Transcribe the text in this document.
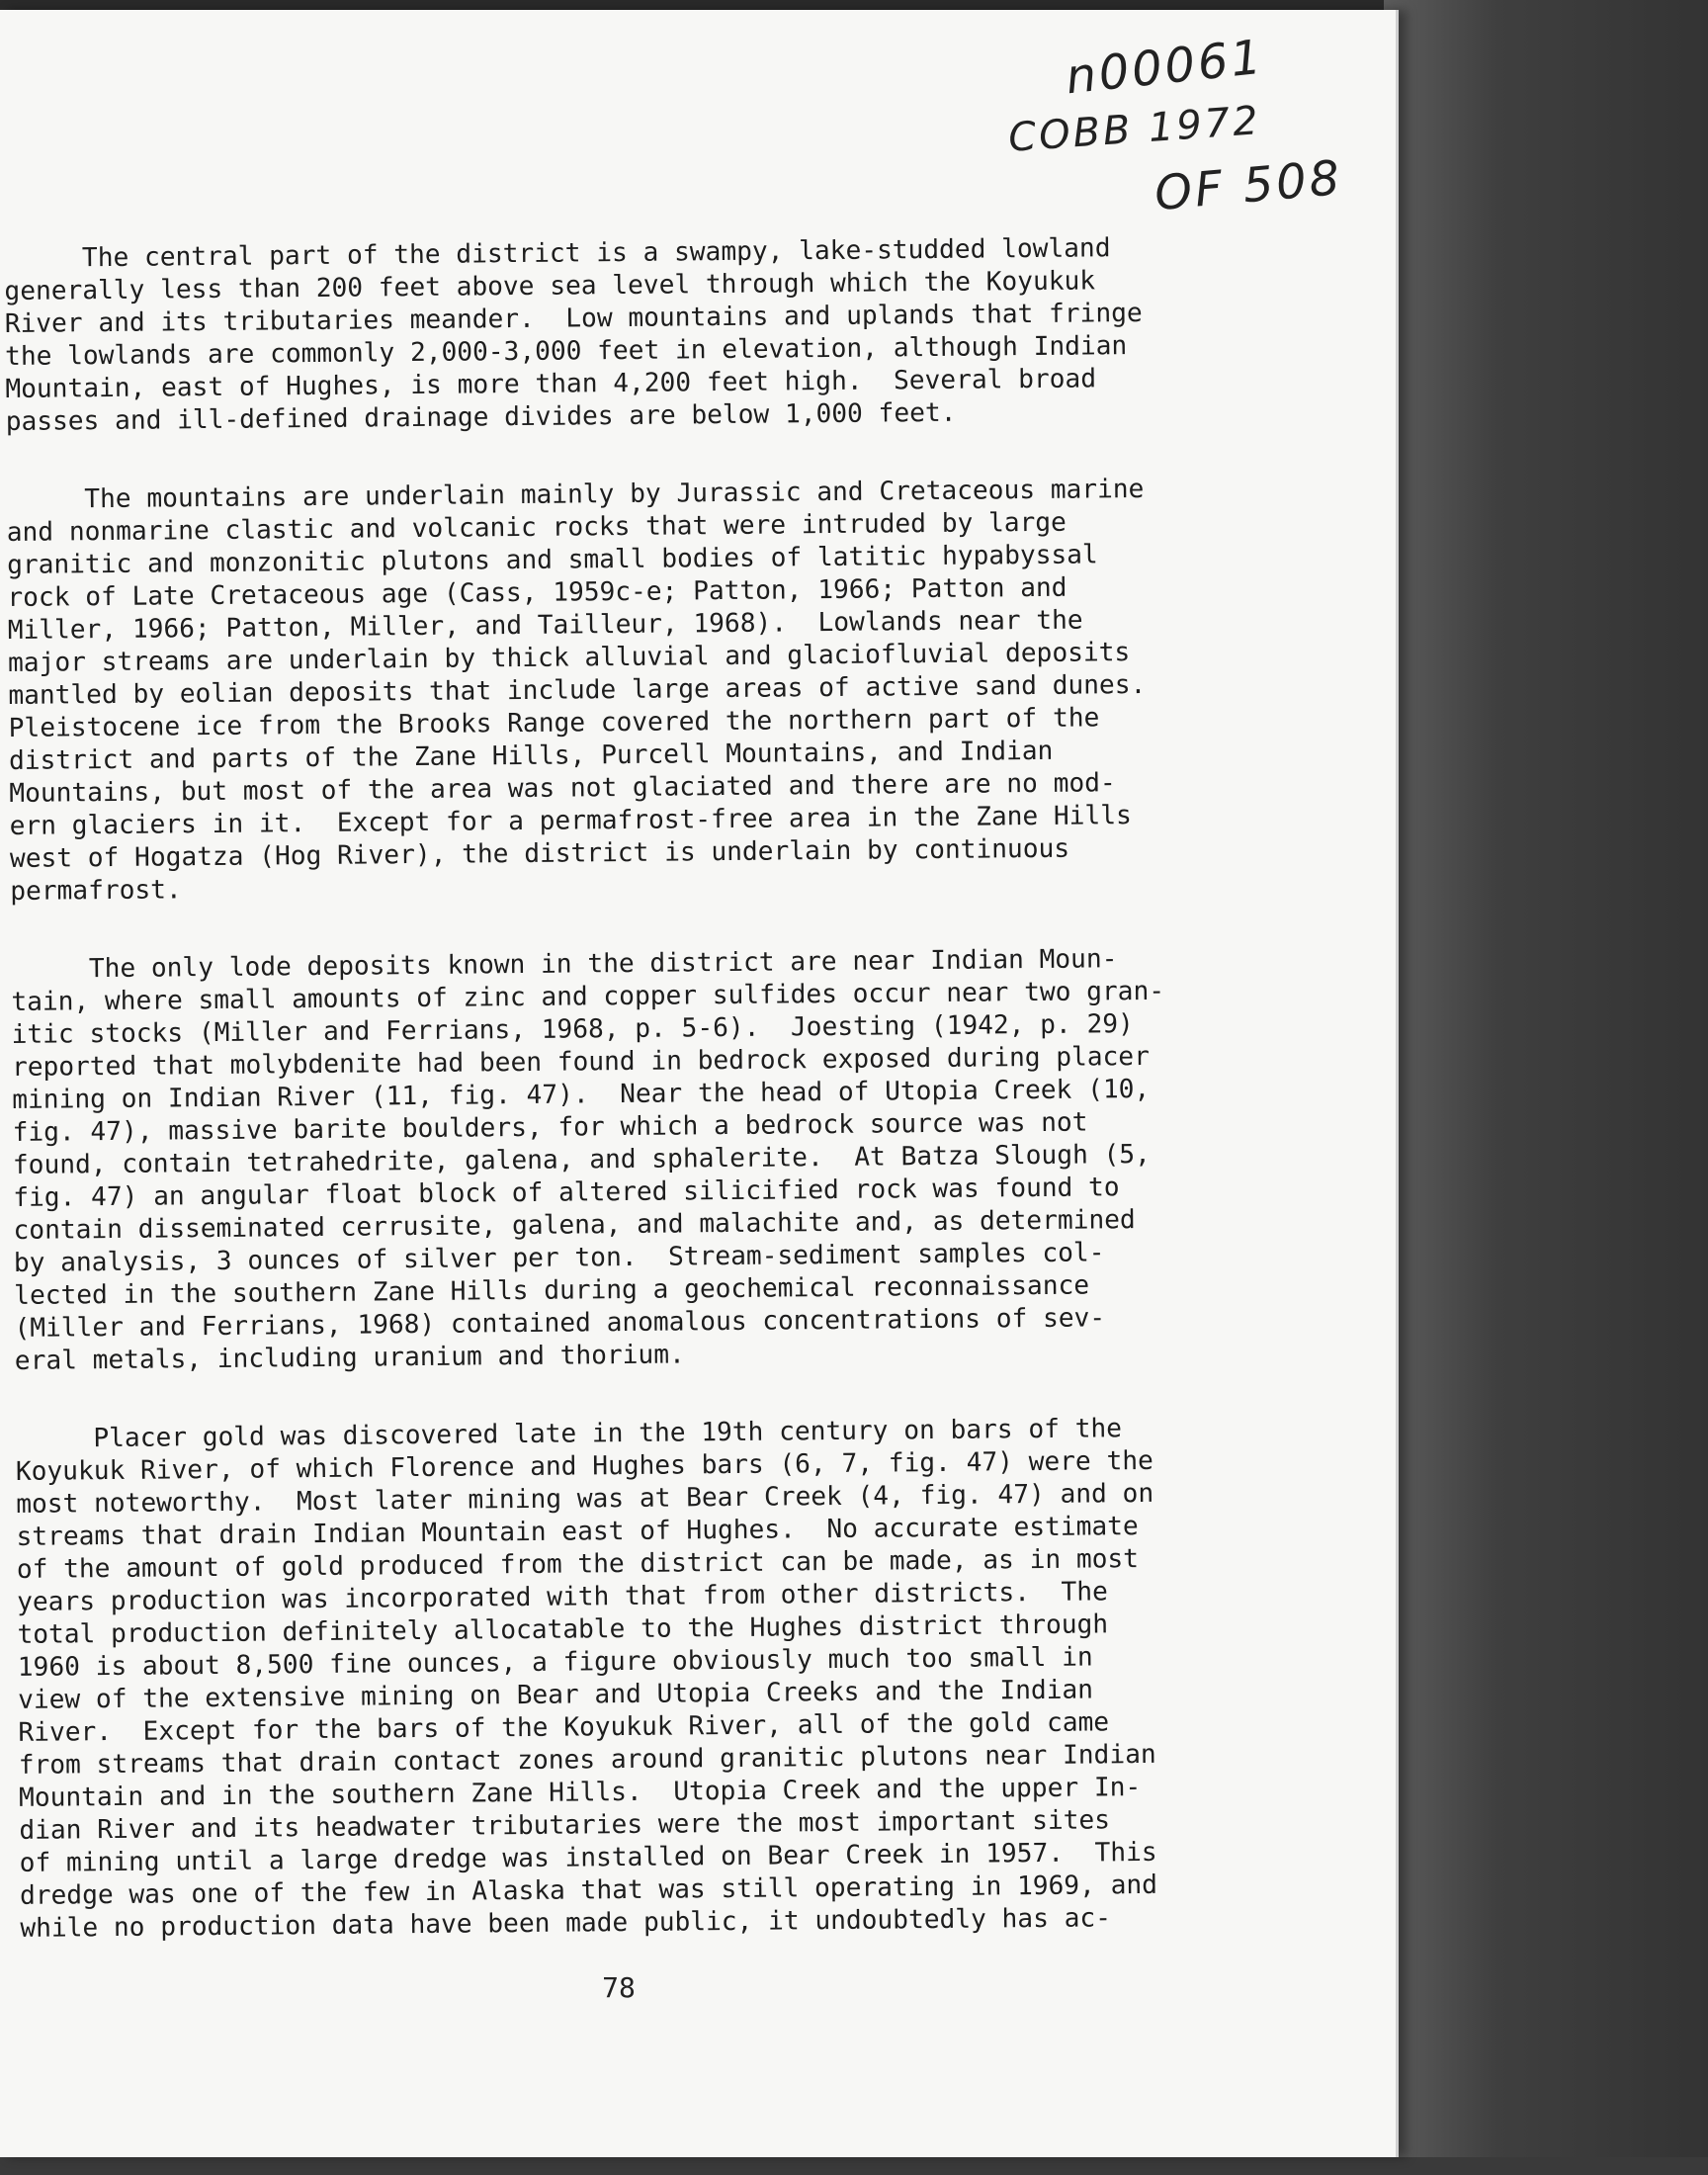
n00061
COBB 1972
OF 508
The central part of the district is a swampy, lake-studded lowland
generally less than 200 feet above sea level through which the Koyukuk
River and its tributaries meander.  Low mountains and uplands that fringe
the lowlands are commonly 2,000-3,000 feet in elevation, although Indian
Mountain, east of Hughes, is more than 4,200 feet high.  Several broad
passes and ill-defined drainage divides are below 1,000 feet.
The mountains are underlain mainly by Jurassic and Cretaceous marine
and nonmarine clastic and volcanic rocks that were intruded by large
granitic and monzonitic plutons and small bodies of latitic hypabyssal
rock of Late Cretaceous age (Cass, 1959c-e; Patton, 1966; Patton and
Miller, 1966; Patton, Miller, and Tailleur, 1968).  Lowlands near the
major streams are underlain by thick alluvial and glaciofluvial deposits
mantled by eolian deposits that include large areas of active sand dunes.
Pleistocene ice from the Brooks Range covered the northern part of the
district and parts of the Zane Hills, Purcell Mountains, and Indian
Mountains, but most of the area was not glaciated and there are no mod-
ern glaciers in it.  Except for a permafrost-free area in the Zane Hills
west of Hogatza (Hog River), the district is underlain by continuous
permafrost.
The only lode deposits known in the district are near Indian Moun-
tain, where small amounts of zinc and copper sulfides occur near two gran-
itic stocks (Miller and Ferrians, 1968, p. 5-6).  Joesting (1942, p. 29)
reported that molybdenite had been found in bedrock exposed during placer
mining on Indian River (11, fig. 47).  Near the head of Utopia Creek (10,
fig. 47), massive barite boulders, for which a bedrock source was not
found, contain tetrahedrite, galena, and sphalerite.  At Batza Slough (5,
fig. 47) an angular float block of altered silicified rock was found to
contain disseminated cerrusite, galena, and malachite and, as determined
by analysis, 3 ounces of silver per ton.  Stream-sediment samples col-
lected in the southern Zane Hills during a geochemical reconnaissance
(Miller and Ferrians, 1968) contained anomalous concentrations of sev-
eral metals, including uranium and thorium.
Placer gold was discovered late in the 19th century on bars of the
Koyukuk River, of which Florence and Hughes bars (6, 7, fig. 47) were the
most noteworthy.  Most later mining was at Bear Creek (4, fig. 47) and on
streams that drain Indian Mountain east of Hughes.  No accurate estimate
of the amount of gold produced from the district can be made, as in most
years production was incorporated with that from other districts.  The
total production definitely allocatable to the Hughes district through
1960 is about 8,500 fine ounces, a figure obviously much too small in
view of the extensive mining on Bear and Utopia Creeks and the Indian
River.  Except for the bars of the Koyukuk River, all of the gold came
from streams that drain contact zones around granitic plutons near Indian
Mountain and in the southern Zane Hills.  Utopia Creek and the upper In-
dian River and its headwater tributaries were the most important sites
of mining until a large dredge was installed on Bear Creek in 1957.  This
dredge was one of the few in Alaska that was still operating in 1969, and
while no production data have been made public, it undoubtedly has ac-
78
